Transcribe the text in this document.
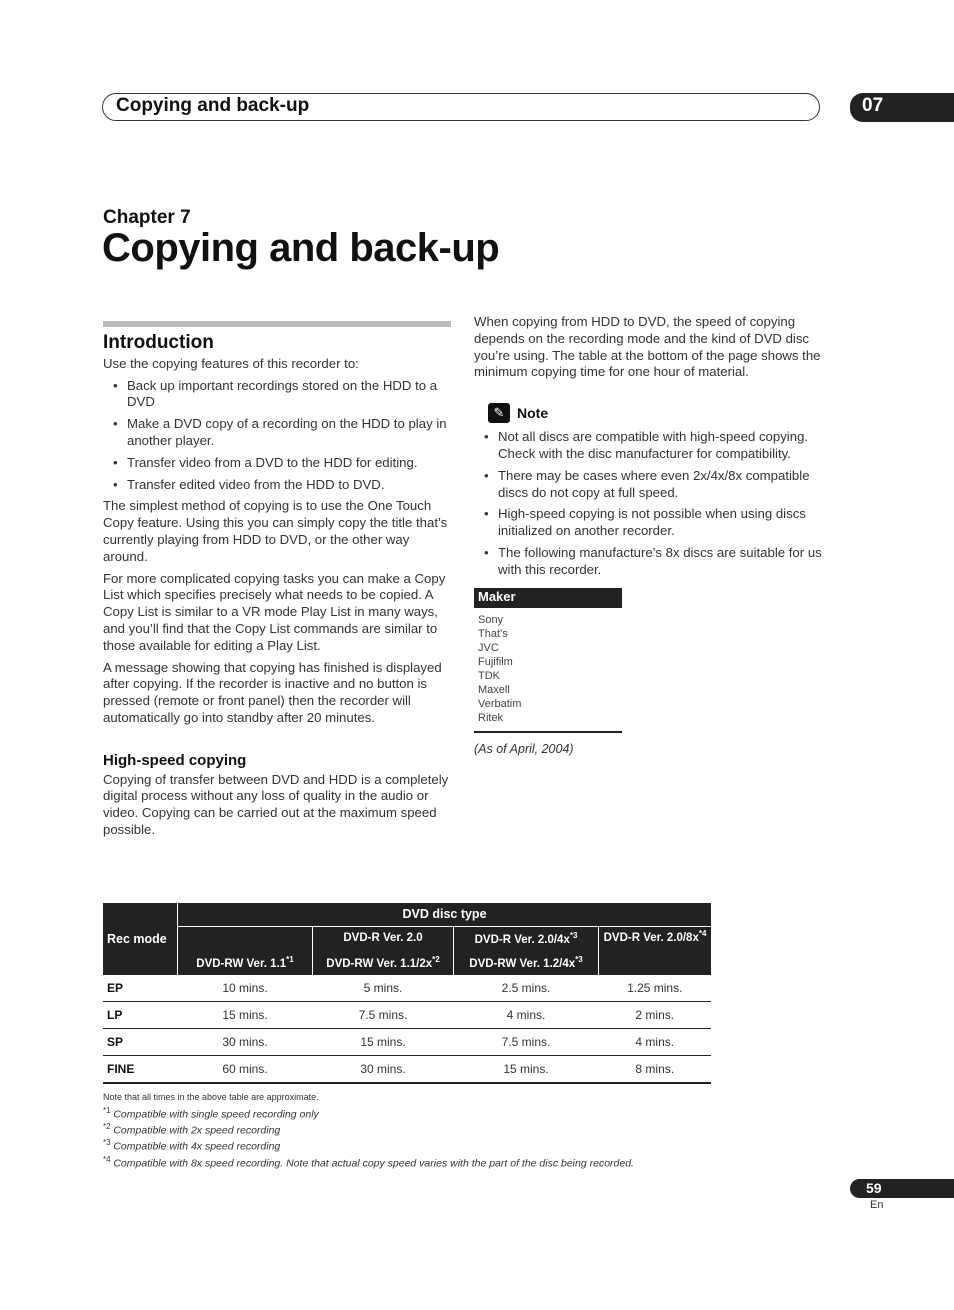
Copying and back-up	07
Chapter 7
Copying and back-up
Introduction

Use the copying features of this recorder to:

• Back up important recordings stored on the HDD to a DVD
• Make a DVD copy of a recording on the HDD to play in another player.
• Transfer video from a DVD to the HDD for editing.
• Transfer edited video from the HDD to DVD.

The simplest method of copying is to use the One Touch Copy feature. Using this you can simply copy the title that’s currently playing from HDD to DVD, or the other way around.

For more complicated copying tasks you can make a Copy List which specifies precisely what needs to be copied. A Copy List is similar to a VR mode Play List in many ways, and you’ll find that the Copy List commands are similar to those available for editing a Play List.

A message showing that copying has finished is displayed after copying. If the recorder is inactive and no button is pressed (remote or front panel) then the recorder will automatically go into standby after 20 minutes.

High-speed copying

Copying of transfer between DVD and HDD is a completely digital process without any loss of quality in the audio or video. Copying can be carried out at the maximum speed possible.

When copying from HDD to DVD, the speed of copying depends on the recording mode and the kind of DVD disc you’re using. The table at the bottom of the page shows the minimum copying time for one hour of material.

✎ Note
• Not all discs are compatible with high-speed copying. Check with the disc manufacturer for compatibility.
• There may be cases where even 2x/4x/8x compatible discs do not copy at full speed.
• High-speed copying is not possible when using discs initialized on another recorder.
• The following manufacture’s 8x discs are suitable for us with this recorder.
Maker
Sony
That’s
JVC
Fujifilm
TDK
Maxell
Verbatim
Ritek
(As of April, 2004)
Rec mode	DVD disc type			
		DVD-R Ver. 2.0	DVD-R Ver. $2.0/4x^{*3}$	DVD-R Ver. $2.0/8x^{*4}$

	DVD-RW Ver. 1.1$^{*1}$	DVD-RW Ver. $1.1/2x^{*2}$	DVD-RW Ver. $1.2/4x^{*3}$
EP	10 mins.	5 mins.	2.5 mins.	1.25 mins.
LP	15 mins.	7.5 mins.	4 mins.	2 mins.
SP	30 mins.	15 mins.	7.5 mins.	4 mins.
FINE	60 mins.	30 mins.	15 mins.	8 mins.
Note that all times in the above table are approximate.
$^{*1}$ Compatible with single speed recording only
$^{*2}$ Compatible with 2x speed recording
$^{*3}$ Compatible with 4x speed recording
$^{*4}$ Compatible with 8x speed recording. Note that actual copy speed varies with the part of the disc being recorded.
59
En
